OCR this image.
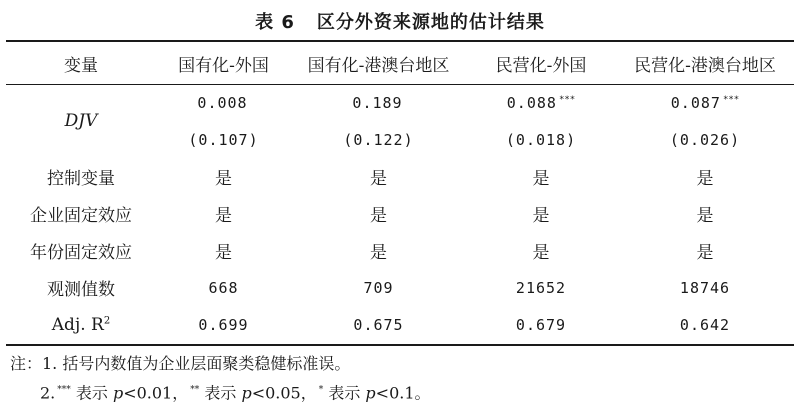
表 6 区分外资来源地的估计结果
变量	国有化-外国	国有化-港澳台地区	民营化-外国	民营化-港澳台地区
DJV	0.008	0.189	0.088 ***	0.087 ***
	(0.107)	(0.122)	(0.018)	(0.026)
控制变量	是	是	是	是
企业固定效应	是	是	是	是
年份固定效应	是	是	是	是
观测值数	668	709	21652	18746
Adj. $R^2$	0.699	0.675	0.679	0.642
注：1. 括号内数值为企业层面聚类稳健标准误。
2. *** 表示 p<0.01， ** 表示 p<0.05， * 表示 p<0.1。
